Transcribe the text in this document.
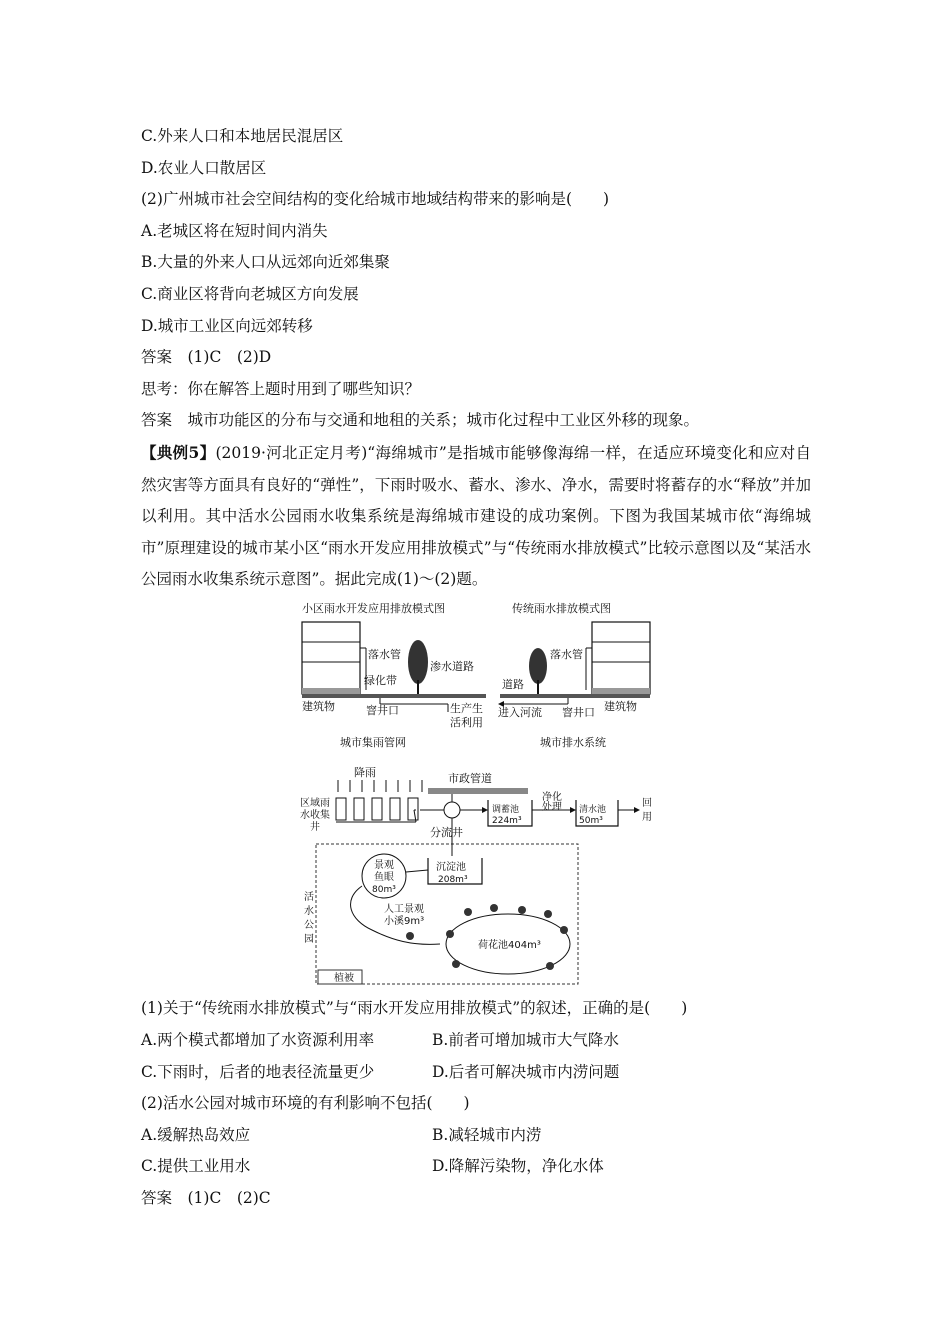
C.外来人口和本地居民混居区
D.农业人口散居区
(2)广州城市社会空间结构的变化给城市地域结构带来的影响是(　　)
A.老城区将在短时间内消失
B.大量的外来人口从远郊向近郊集聚
C.商业区将背向老城区方向发展
D.城市工业区向远郊转移
答案　(1)C　(2)D
思考：你在解答上题时用到了哪些知识？
答案　城市功能区的分布与交通和地租的关系；城市化过程中工业区外移的现象。
【典例5】(2019·河北正定月考)“海绵城市”是指城市能够像海绵一样，在适应环境变化和应对自然灾害等方面具有良好的“弹性”，下雨时吸水、蓄水、渗水、净水，需要时将蓄存的水“释放”并加以利用。其中活水公园雨水收集系统是海绵城市建设的成功案例。下图为我国某城市依“海绵城市”原理建设的城市某小区“雨水开发应用排放模式”与“传统雨水排放模式”比较示意图以及“某活水公园雨水收集系统示意图”。据此完成(1)～(2)题。
小区雨水开发应用排放模式图	传统雨水排放模式图
落水管
绿化带
渗水道路
建筑物	窨井口	生产生
活利用
城市集雨管网
落水管
道路
进入河流 窨井口 建筑物
城市排水系统
降雨
区域雨
水收集
井	分流井
市政管道
调蓄池
224m³
净化
处理 清水池
50m³
回
用
景观
鱼眼
80m³
沉淀池
208m³
活
水
公
园
人工景观
小溪9m³
荷花池404m³
植被
(1)关于“传统雨水排放模式”与“雨水开发应用排放模式”的叙述，正确的是(　　)
A.两个模式都增加了水资源利用率	B.前者可增加城市大气降水
C.下雨时，后者的地表径流量更少	D.后者可解决城市内涝问题
(2)活水公园对城市环境的有利影响不包括(　　)
A.缓解热岛效应	B.减轻城市内涝
C.提供工业用水	D.降解污染物，净化水体
答案　(1)C　(2)C
